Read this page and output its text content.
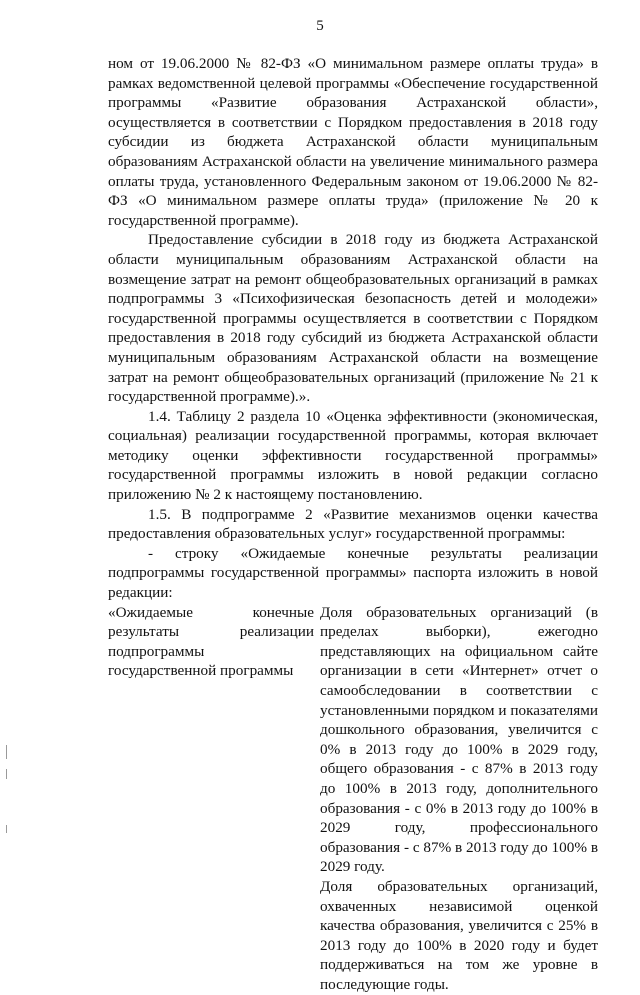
5

ном от 19.06.2000 № 82-ФЗ «О минимальном размере оплаты труда» в рамках ведомственной целевой программы «Обеспечение государственной программы «Развитие образования Астраханской области», осуществляется в соответствии с Порядком предоставления в 2018 году субсидии из бюджета Астраханской области муниципальным образованиям Астраханской области на увеличение минимального размера оплаты труда, установленного Федеральным законом от 19.06.2000 № 82-ФЗ «О минимальном размере оплаты труда» (приложение № 20 к государственной программе).

Предоставление субсидии в 2018 году из бюджета Астраханской области муниципальным образованиям Астраханской области на возмещение затрат на ремонт общеобразовательных организаций в рамках подпрограммы 3 «Психофизическая безопасность детей и молодежи» государственной программы осуществляется в соответствии с Порядком предоставления в 2018 году субсидий из бюджета Астраханской области муниципальным образованиям Астраханской области на возмещение затрат на ремонт общеобразовательных организаций (приложение № 21 к государственной программе).».

1.4. Таблицу 2 раздела 10 «Оценка эффективности (экономическая, социальная) реализации государственной программы, которая включает методику оценки эффективности государственной программы» государственной программы изложить в новой редакции согласно приложению № 2 к настоящему постановлению.

1.5. В подпрограмме 2 «Развитие механизмов оценки качества предоставления образовательных услуг» государственной программы:

- строку «Ожидаемые конечные результаты реализации подпрограммы государственной программы» паспорта изложить в новой редакции:

«Ожидаемые конечные результаты реализации подпрограммы государственной программы

Доля образовательных организаций (в пределах выборки), ежегодно представляющих на официальном сайте организации в сети «Интернет» отчет о самообследовании в соответствии с установленными порядком и показателями дошкольного образования, увеличится с 0% в 2013 году до 100% в 2029 году, общего образования - с 87% в 2013 году до 100% в 2013 году, дополнительного образования - с 0% в 2013 году до 100% в 2029 году, профессионального образования - с 87% в 2013 году до 100% в 2029 году.

Доля образовательных организаций, охваченных независимой оценкой качества образования, увеличится с 25% в 2013 году до 100% в 2020 году и будет поддерживаться на том же уровне в последующие годы.
